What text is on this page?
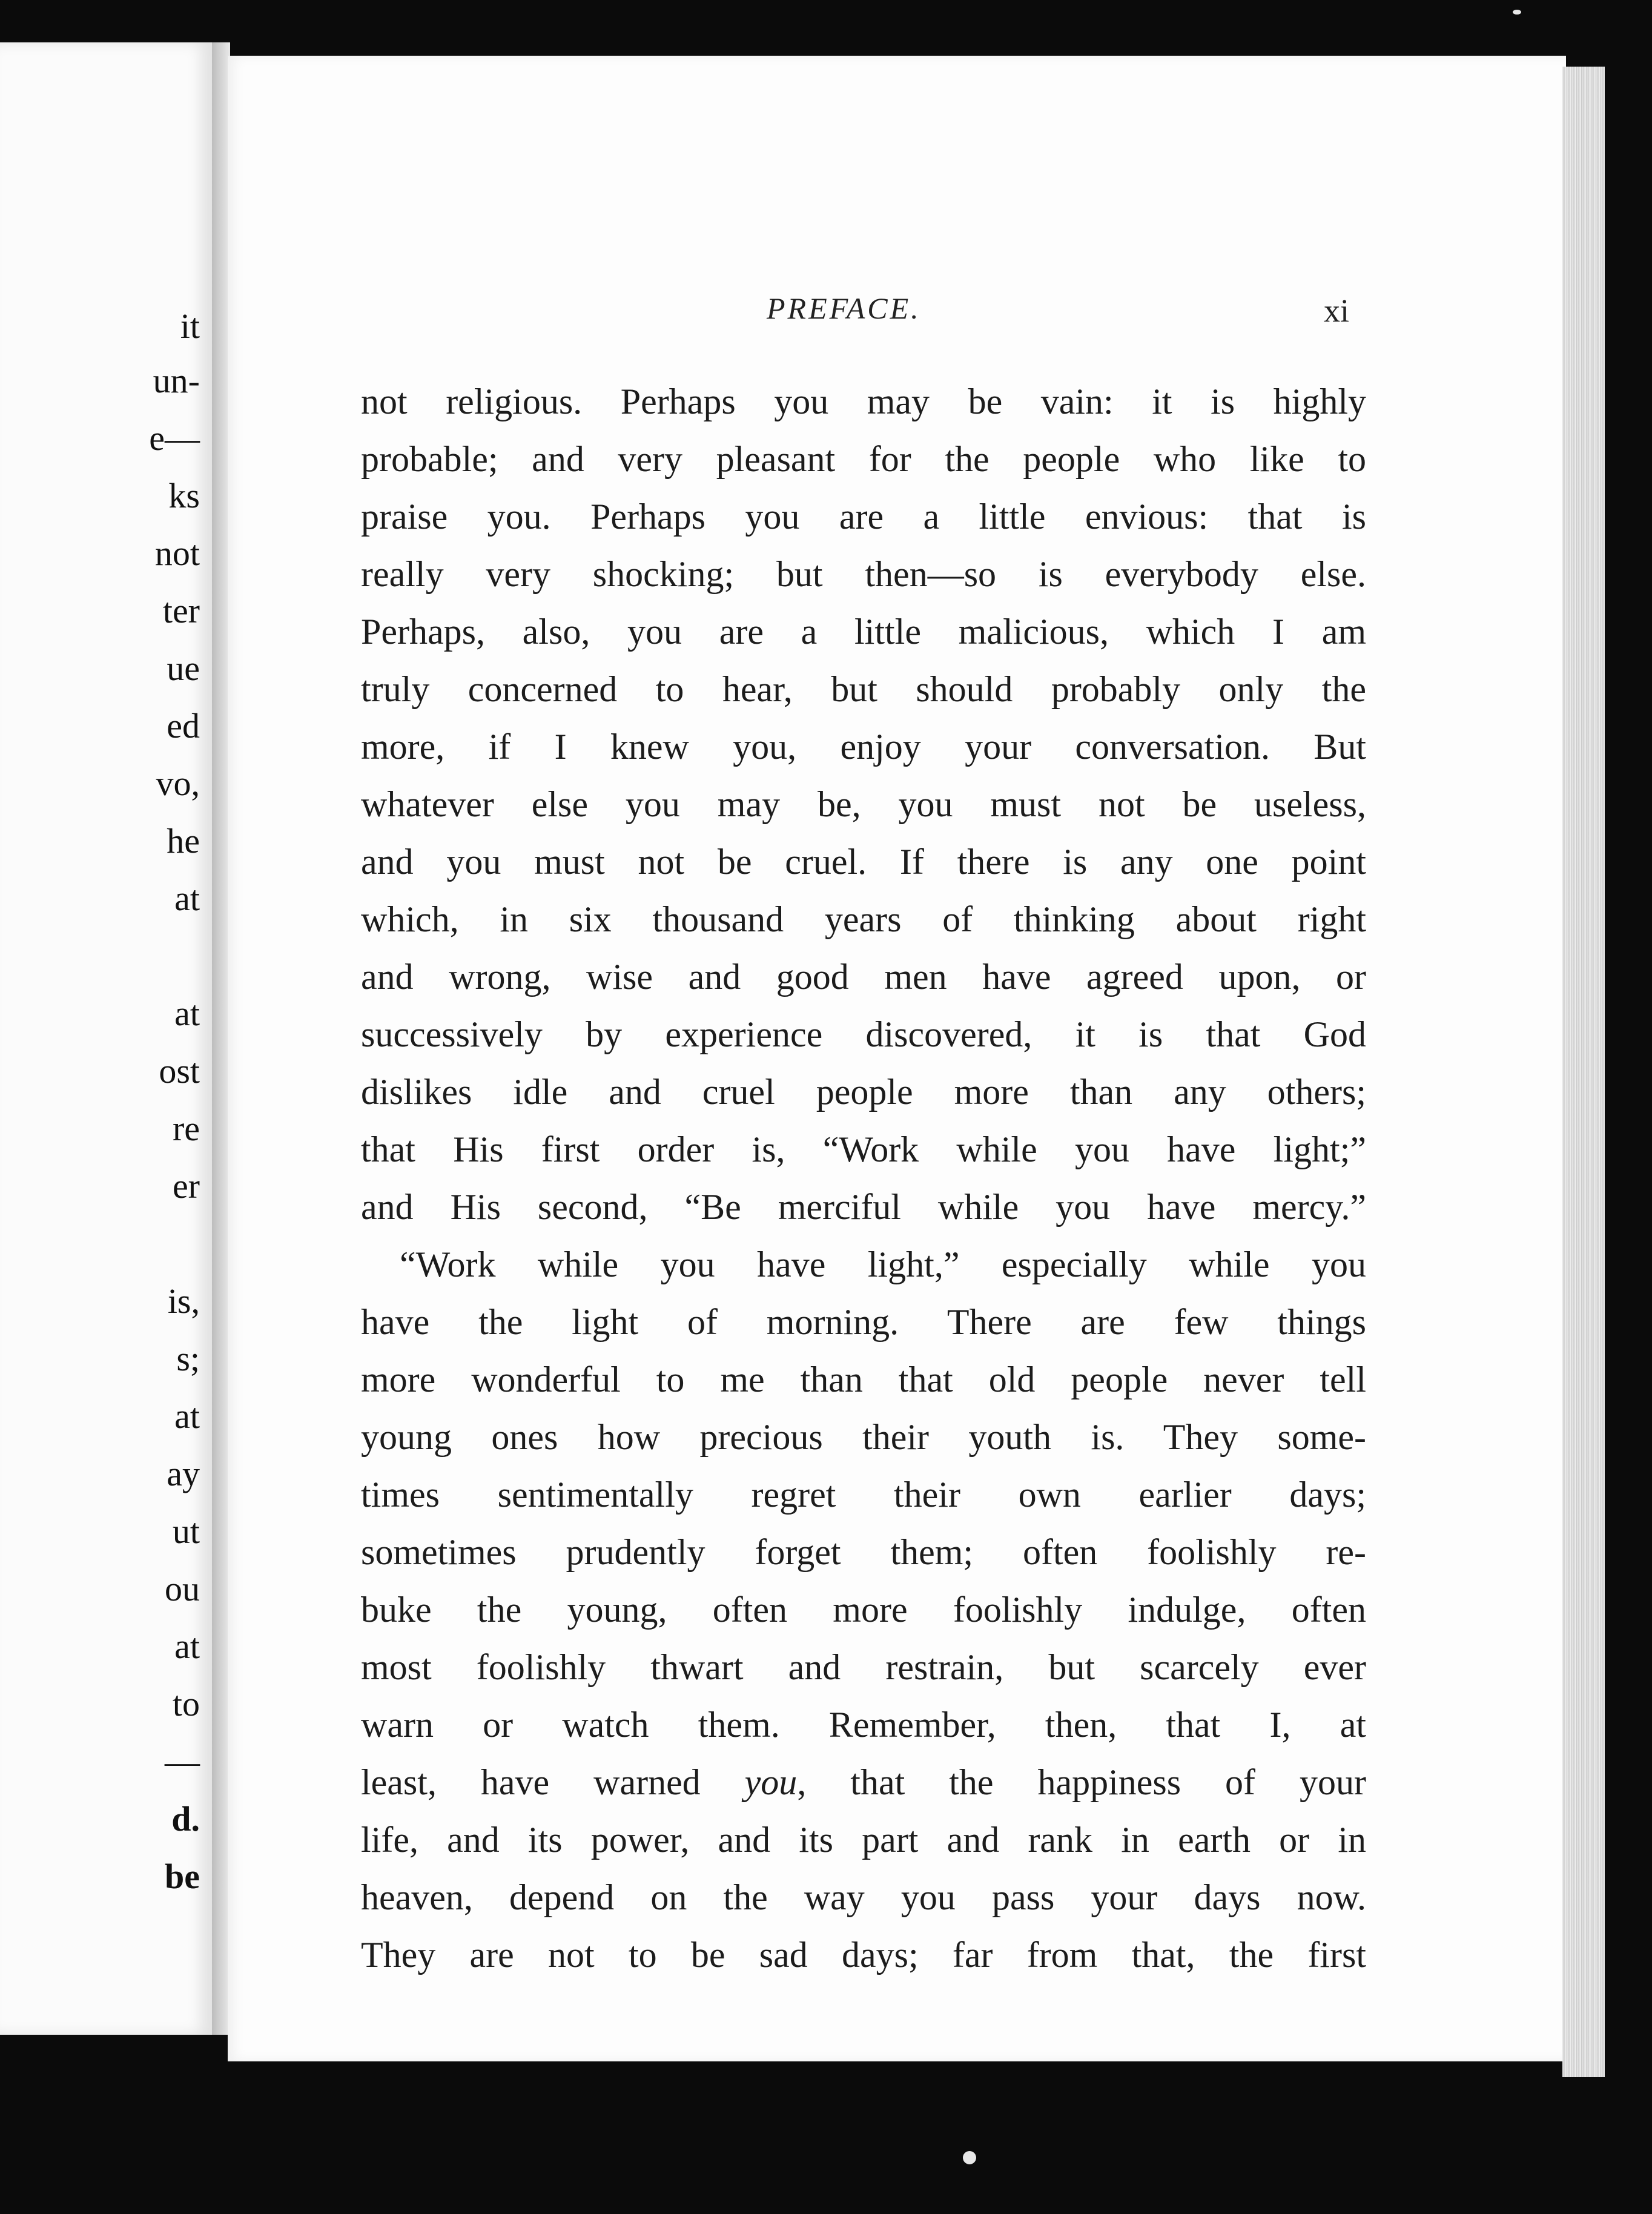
it
un-
e—
ks
not
ter
ue
ed
vo,
he
at
at
ost
re
er
is,
s;
at
ay
ut
ou
at
to
—
d.
be
PREFACE.	xi
not religious. Perhaps you may be vain: it is highly
probable; and very pleasant for the people who like to
praise you. Perhaps you are a little envious: that is
really very shocking; but then—so is everybody else.
Perhaps, also, you are a little malicious, which I am
truly concerned to hear, but should probably only the
more, if I knew you, enjoy your conversation. But
whatever else you may be, you must not be useless,
and you must not be cruel. If there is any one point
which, in six thousand years of thinking about right
and wrong, wise and good men have agreed upon, or
successively by experience discovered, it is that God
dislikes idle and cruel people more than any others;
that His first order is, “Work while you have light;”
and His second, “Be merciful while you have mercy.”
“Work while you have light,” especially while you
have the light of morning. There are few things
more wonderful to me than that old people never tell
young ones how precious their youth is. They some-
times sentimentally regret their own earlier days;
sometimes prudently forget them; often foolishly re-
buke the young, often more foolishly indulge, often
most foolishly thwart and restrain, but scarcely ever
warn or watch them. Remember, then, that I, at
least, have warned you, that the happiness of your
life, and its power, and its part and rank in earth or in
heaven, depend on the way you pass your days now.
They are not to be sad days; far from that, the first
